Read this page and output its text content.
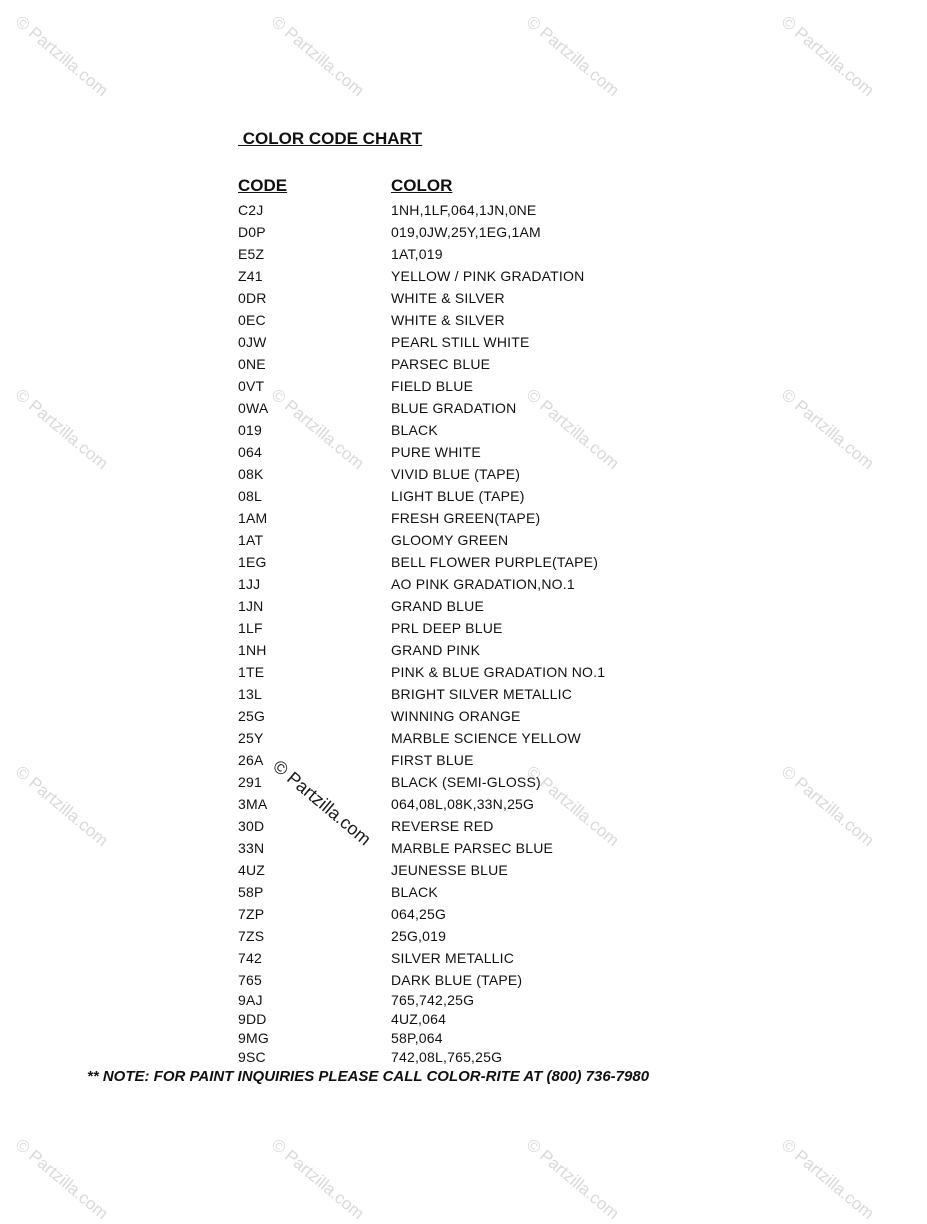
© Partzilla.com	© Partzilla.com	© Partzilla.com	© Partzilla.com
© Partzilla.com	© Partzilla.com	© Partzilla.com	© Partzilla.com
© Partzilla.com	© Partzilla.com	© Partzilla.com	© Partzilla.com
© Partzilla.com	© Partzilla.com	© Partzilla.com	© Partzilla.com
COLOR CODE CHART
CODE	COLOR
C2J	1NH,1LF,064,1JN,0NE
D0P	019,0JW,25Y,1EG,1AM
E5Z	1AT,019
Z41	YELLOW / PINK GRADATION
0DR	WHITE & SILVER
0EC	WHITE & SILVER
0JW	PEARL STILL WHITE
0NE	PARSEC BLUE
0VT	FIELD BLUE
0WA	BLUE GRADATION
019	BLACK
064	PURE WHITE
08K	VIVID BLUE (TAPE)
08L	LIGHT BLUE (TAPE)
1AM	FRESH GREEN(TAPE)
1AT	GLOOMY GREEN
1EG	BELL FLOWER PURPLE(TAPE)
1JJ	AO PINK GRADATION,NO.1
1JN	GRAND BLUE
1LF	PRL DEEP BLUE
1NH	GRAND PINK
1TE	PINK & BLUE GRADATION NO.1
13L	BRIGHT SILVER METALLIC
25G	WINNING ORANGE
25Y	MARBLE SCIENCE YELLOW
26A	FIRST BLUE
291	BLACK (SEMI-GLOSS)
3MA	064,08L,08K,33N,25G
30D	REVERSE RED
33N	MARBLE PARSEC BLUE
4UZ	JEUNESSE BLUE
58P	BLACK
7ZP	064,25G
7ZS	25G,019
742	SILVER METALLIC
765	DARK BLUE (TAPE)
9AJ	765,742,25G
9DD	4UZ,064
9MG	58P,064
9SC	742,08L,765,25G
** NOTE: FOR PAINT INQUIRIES PLEASE CALL COLOR-RITE AT (800) 736-7980
